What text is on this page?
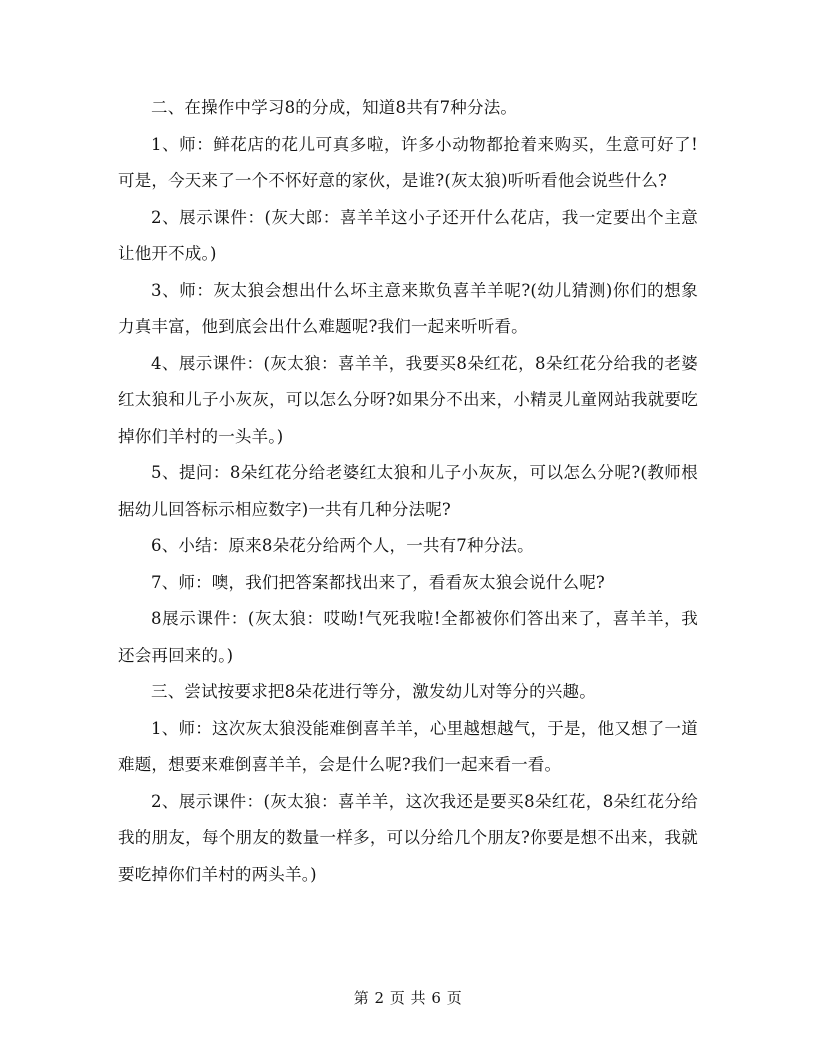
二、在操作中学习8的分成，知道8共有7种分法。

1、师：鲜花店的花儿可真多啦，许多小动物都抢着来购买，生意可好了!可是，今天来了一个不怀好意的家伙，是谁?(灰太狼)听听看他会说些什么?

2、展示课件：(灰大郎：喜羊羊这小子还开什么花店，我一定要出个主意让他开不成。)

3、师：灰太狼会想出什么坏主意来欺负喜羊羊呢?(幼儿猜测)你们的想象力真丰富，他到底会出什么难题呢?我们一起来听听看。

4、展示课件：(灰太狼：喜羊羊，我要买8朵红花，8朵红花分给我的老婆红太狼和儿子小灰灰，可以怎么分呀?如果分不出来，小精灵儿童网站我就要吃掉你们羊村的一头羊。)

5、提问：8朵红花分给老婆红太狼和儿子小灰灰，可以怎么分呢?(教师根据幼儿回答标示相应数字)一共有几种分法呢?

6、小结：原来8朵花分给两个人，一共有7种分法。

7、师：噢，我们把答案都找出来了，看看灰太狼会说什么呢?

8展示课件：(灰太狼：哎呦!气死我啦!全都被你们答出来了，喜羊羊，我还会再回来的。)

三、尝试按要求把8朵花进行等分，激发幼儿对等分的兴趣。

1、师：这次灰太狼没能难倒喜羊羊，心里越想越气，于是，他又想了一道难题，想要来难倒喜羊羊，会是什么呢?我们一起来看一看。

2、展示课件：(灰太狼：喜羊羊，这次我还是要买8朵红花，8朵红花分给我的朋友，每个朋友的数量一样多，可以分给几个朋友?你要是想不出来，我就要吃掉你们羊村的两头羊。)

第 2 页 共 6 页
